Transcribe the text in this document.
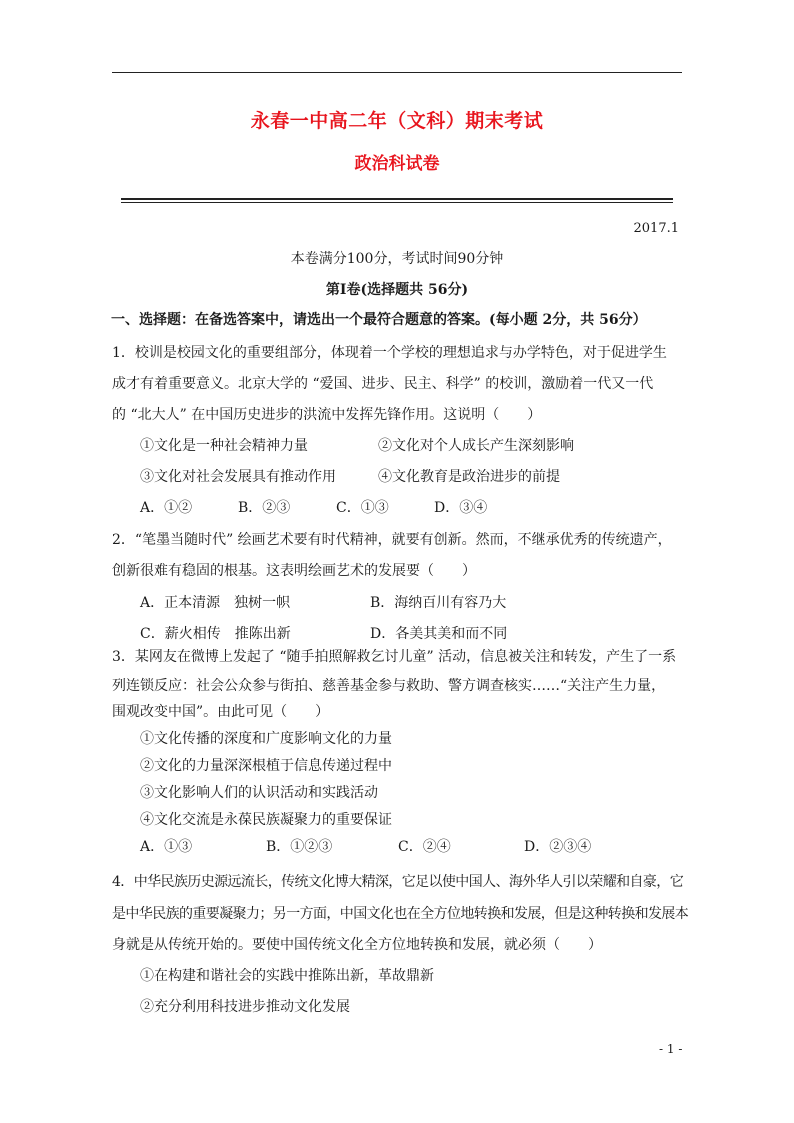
永春一中高二年（文科）期末考试
政治科试卷
2017.1
本卷满分100分，考试时间90分钟
第Ⅰ卷(选择题共 56分)
一、选择题：在备选答案中，请选出一个最符合题意的答案。(每小题 2分，共 56分）
1．校训是校园文化的重要组部分，体现着一个学校的理想追求与办学特色，对于促进学生
成才有着重要意义。北京大学的 “爱国、进步、民主、科学” 的校训，激励着一代又一代
的 “北大人” 在中国历史进步的洪流中发挥先锋作用。这说明（　　）
①文化是一种社会精神力量	②文化对个人成长产生深刻影响
③文化对社会发展具有推动作用	④文化教育是政治进步的前提
A．①②	B．②③	C．①③	D．③④
2．“笔墨当随时代” 绘画艺术要有时代精神，就要有创新。然而，不继承优秀的传统遗产，
创新很难有稳固的根基。这表明绘画艺术的发展要（　　）
A．正本清源　独树一帜	B．海纳百川有容乃大
C．薪火相传　推陈出新	D．各美其美和而不同
3．某网友在微博上发起了 “随手拍照解救乞讨儿童” 活动，信息被关注和转发，产生了一系
列连锁反应：社会公众参与街拍、慈善基金参与救助、警方调查核实……“关注产生力量，
围观改变中国”。由此可见（　　）
①文化传播的深度和广度影响文化的力量
②文化的力量深深根植于信息传递过程中
③文化影响人们的认识活动和实践活动
④文化交流是永葆民族凝聚力的重要保证
A．①③	B．①②③	C．②④	D．②③④
4．中华民族历史源远流长，传统文化博大精深，它足以使中国人、海外华人引以荣耀和自豪，它
是中华民族的重要凝聚力；另一方面，中国文化也在全方位地转换和发展，但是这种转换和发展本
身就是从传统开始的。要使中国传统文化全方位地转换和发展，就必须（　　）
①在构建和谐社会的实践中推陈出新，革故鼎新
②充分利用科技进步推动文化发展
- 1 -
